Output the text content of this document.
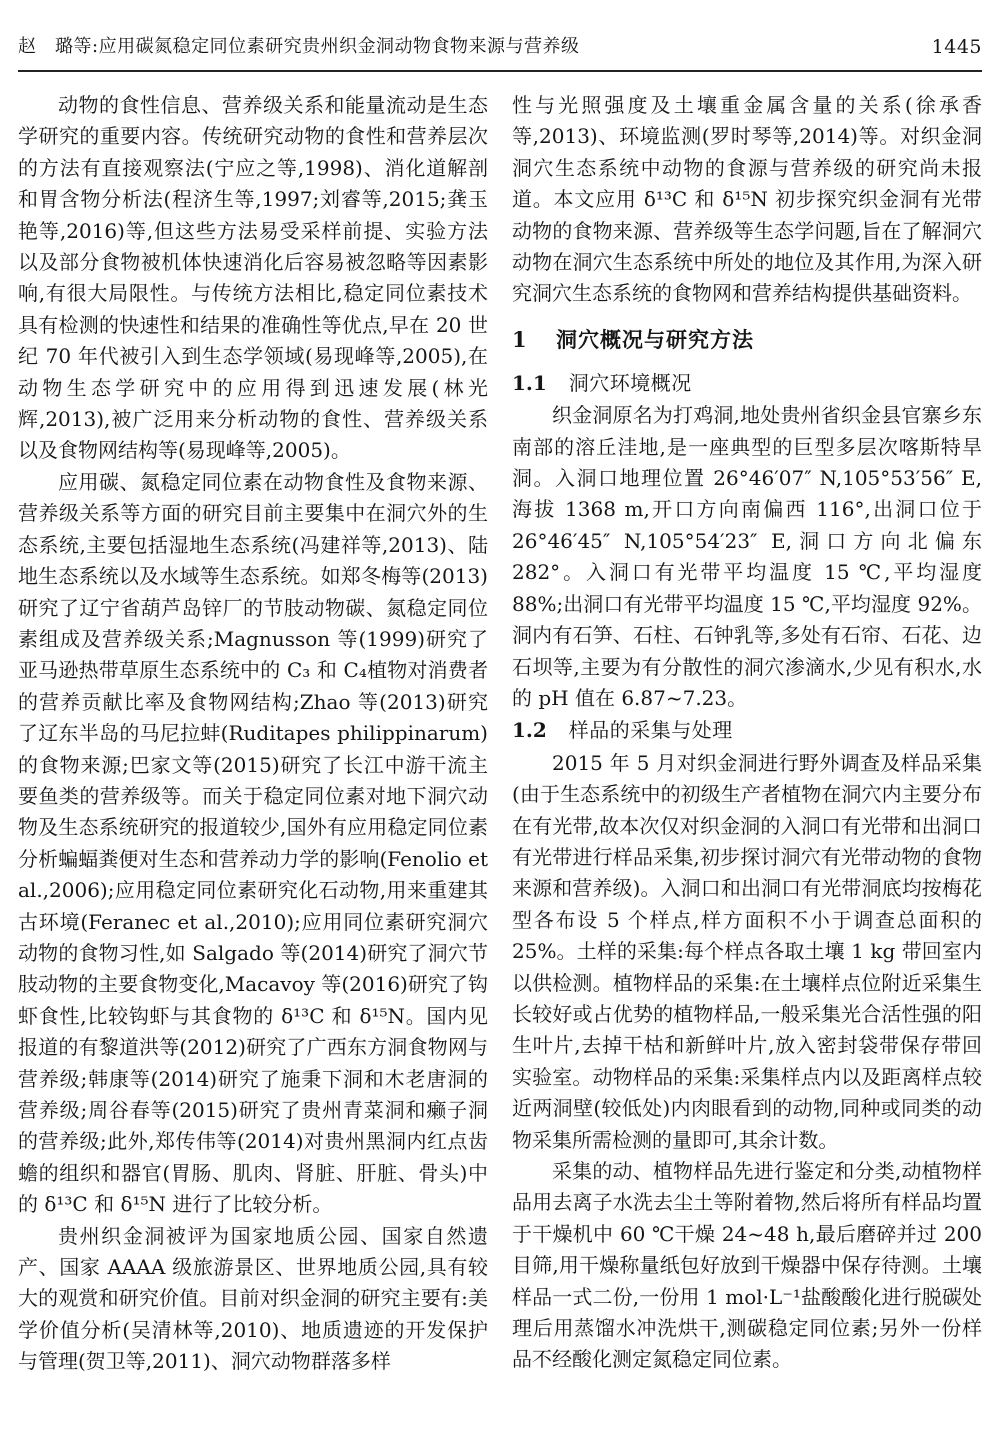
赵　璐等:应用碳氮稳定同位素研究贵州织金洞动物食物来源与营养级	1445

动物的食性信息、营养级关系和能量流动是生态学研究的重要内容。传统研究动物的食性和营养层次的方法有直接观察法(宁应之等,1998)、消化道解剖和胃含物分析法(程济生等,1997;刘睿等,2015;龚玉艳等,2016)等,但这些方法易受采样前提、实验方法以及部分食物被机体快速消化后容易被忽略等因素影响,有很大局限性。与传统方法相比,稳定同位素技术具有检测的快速性和结果的准确性等优点,早在 20 世纪 70 年代被引入到生态学领域(易现峰等,2005),在动物生态学研究中的应用得到迅速发展(林光辉,2013),被广泛用来分析动物的食性、营养级关系以及食物网结构等(易现峰等,2005)。

应用碳、氮稳定同位素在动物食性及食物来源、营养级关系等方面的研究目前主要集中在洞穴外的生态系统,主要包括湿地生态系统(冯建祥等,2013)、陆地生态系统以及水域等生态系统。如郑冬梅等(2013)研究了辽宁省葫芦岛锌厂的节肢动物碳、氮稳定同位素组成及营养级关系;Magnusson 等(1999)研究了亚马逊热带草原生态系统中的 C₃ 和 C₄植物对消费者的营养贡献比率及食物网结构;Zhao 等(2013)研究了辽东半岛的马尼拉蚌(Ruditapes philippinarum)的食物来源;巴家文等(2015)研究了长江中游干流主要鱼类的营养级等。而关于稳定同位素对地下洞穴动物及生态系统研究的报道较少,国外有应用稳定同位素分析蝙蝠粪便对生态和营养动力学的影响(Fenolio et al.,2006);应用稳定同位素研究化石动物,用来重建其古环境(Feranec et al.,2010);应用同位素研究洞穴动物的食物习性,如 Salgado 等(2014)研究了洞穴节肢动物的主要食物变化,Macavoy 等(2016)研究了钩虾食性,比较钩虾与其食物的 δ¹³C 和 δ¹⁵N。国内见报道的有黎道洪等(2012)研究了广西东方洞食物网与营养级;韩康等(2014)研究了施秉下洞和木老唐洞的营养级;周谷春等(2015)研究了贵州青菜洞和癞子洞的营养级;此外,郑传伟等(2014)对贵州黑洞内红点齿蟾的组织和器官(胃肠、肌肉、肾脏、肝脏、骨头)中的 δ¹³C 和 δ¹⁵N 进行了比较分析。

贵州织金洞被评为国家地质公园、国家自然遗产、国家 AAAA 级旅游景区、世界地质公园,具有较大的观赏和研究价值。目前对织金洞的研究主要有:美学价值分析(吴清林等,2010)、地质遗迹的开发保护与管理(贺卫等,2011)、洞穴动物群落多样

性与光照强度及土壤重金属含量的关系(徐承香等,2013)、环境监测(罗时琴等,2014)等。对织金洞洞穴生态系统中动物的食源与营养级的研究尚未报道。本文应用 δ¹³C 和 δ¹⁵N 初步探究织金洞有光带动物的食物来源、营养级等生态学问题,旨在了解洞穴动物在洞穴生态系统中所处的地位及其作用,为深入研究洞穴生态系统的食物网和营养结构提供基础资料。

1 洞穴概况与研究方法
1.1 洞穴环境概况

织金洞原名为打鸡洞,地处贵州省织金县官寨乡东南部的溶丘洼地,是一座典型的巨型多层次喀斯特旱洞。入洞口地理位置 26°46′07″ N,105°53′56″ E,海拔 1368 m,开口方向南偏西 116°,出洞口位于 26°46′45″ N,105°54′23″ E,洞口方向北偏东 282°。入洞口有光带平均温度 15 ℃,平均湿度 88%;出洞口有光带平均温度 15 ℃,平均湿度 92%。洞内有石笋、石柱、石钟乳等,多处有石帘、石花、边石坝等,主要为有分散性的洞穴渗滴水,少见有积水,水的 pH 值在 6.87~7.23。

1.2 样品的采集与处理

2015 年 5 月对织金洞进行野外调查及样品采集(由于生态系统中的初级生产者植物在洞穴内主要分布在有光带,故本次仅对织金洞的入洞口有光带和出洞口有光带进行样品采集,初步探讨洞穴有光带动物的食物来源和营养级)。入洞口和出洞口有光带洞底均按梅花型各布设 5 个样点,样方面积不小于调查总面积的 25%。土样的采集:每个样点各取土壤 1 kg 带回室内以供检测。植物样品的采集:在土壤样点位附近采集生长较好或占优势的植物样品,一般采集光合活性强的阳生叶片,去掉干枯和新鲜叶片,放入密封袋带保存带回实验室。动物样品的采集:采集样点内以及距离样点较近两洞壁(较低处)内肉眼看到的动物,同种或同类的动物采集所需检测的量即可,其余计数。

采集的动、植物样品先进行鉴定和分类,动植物样品用去离子水洗去尘土等附着物,然后将所有样品均置于干燥机中 60 ℃干燥 24~48 h,最后磨碎并过 200 目筛,用干燥称量纸包好放到干燥器中保存待测。土壤样品一式二份,一份用 1 mol·L⁻¹盐酸酸化进行脱碳处理后用蒸馏水冲洗烘干,测碳稳定同位素;另外一份样品不经酸化测定氮稳定同位素。
